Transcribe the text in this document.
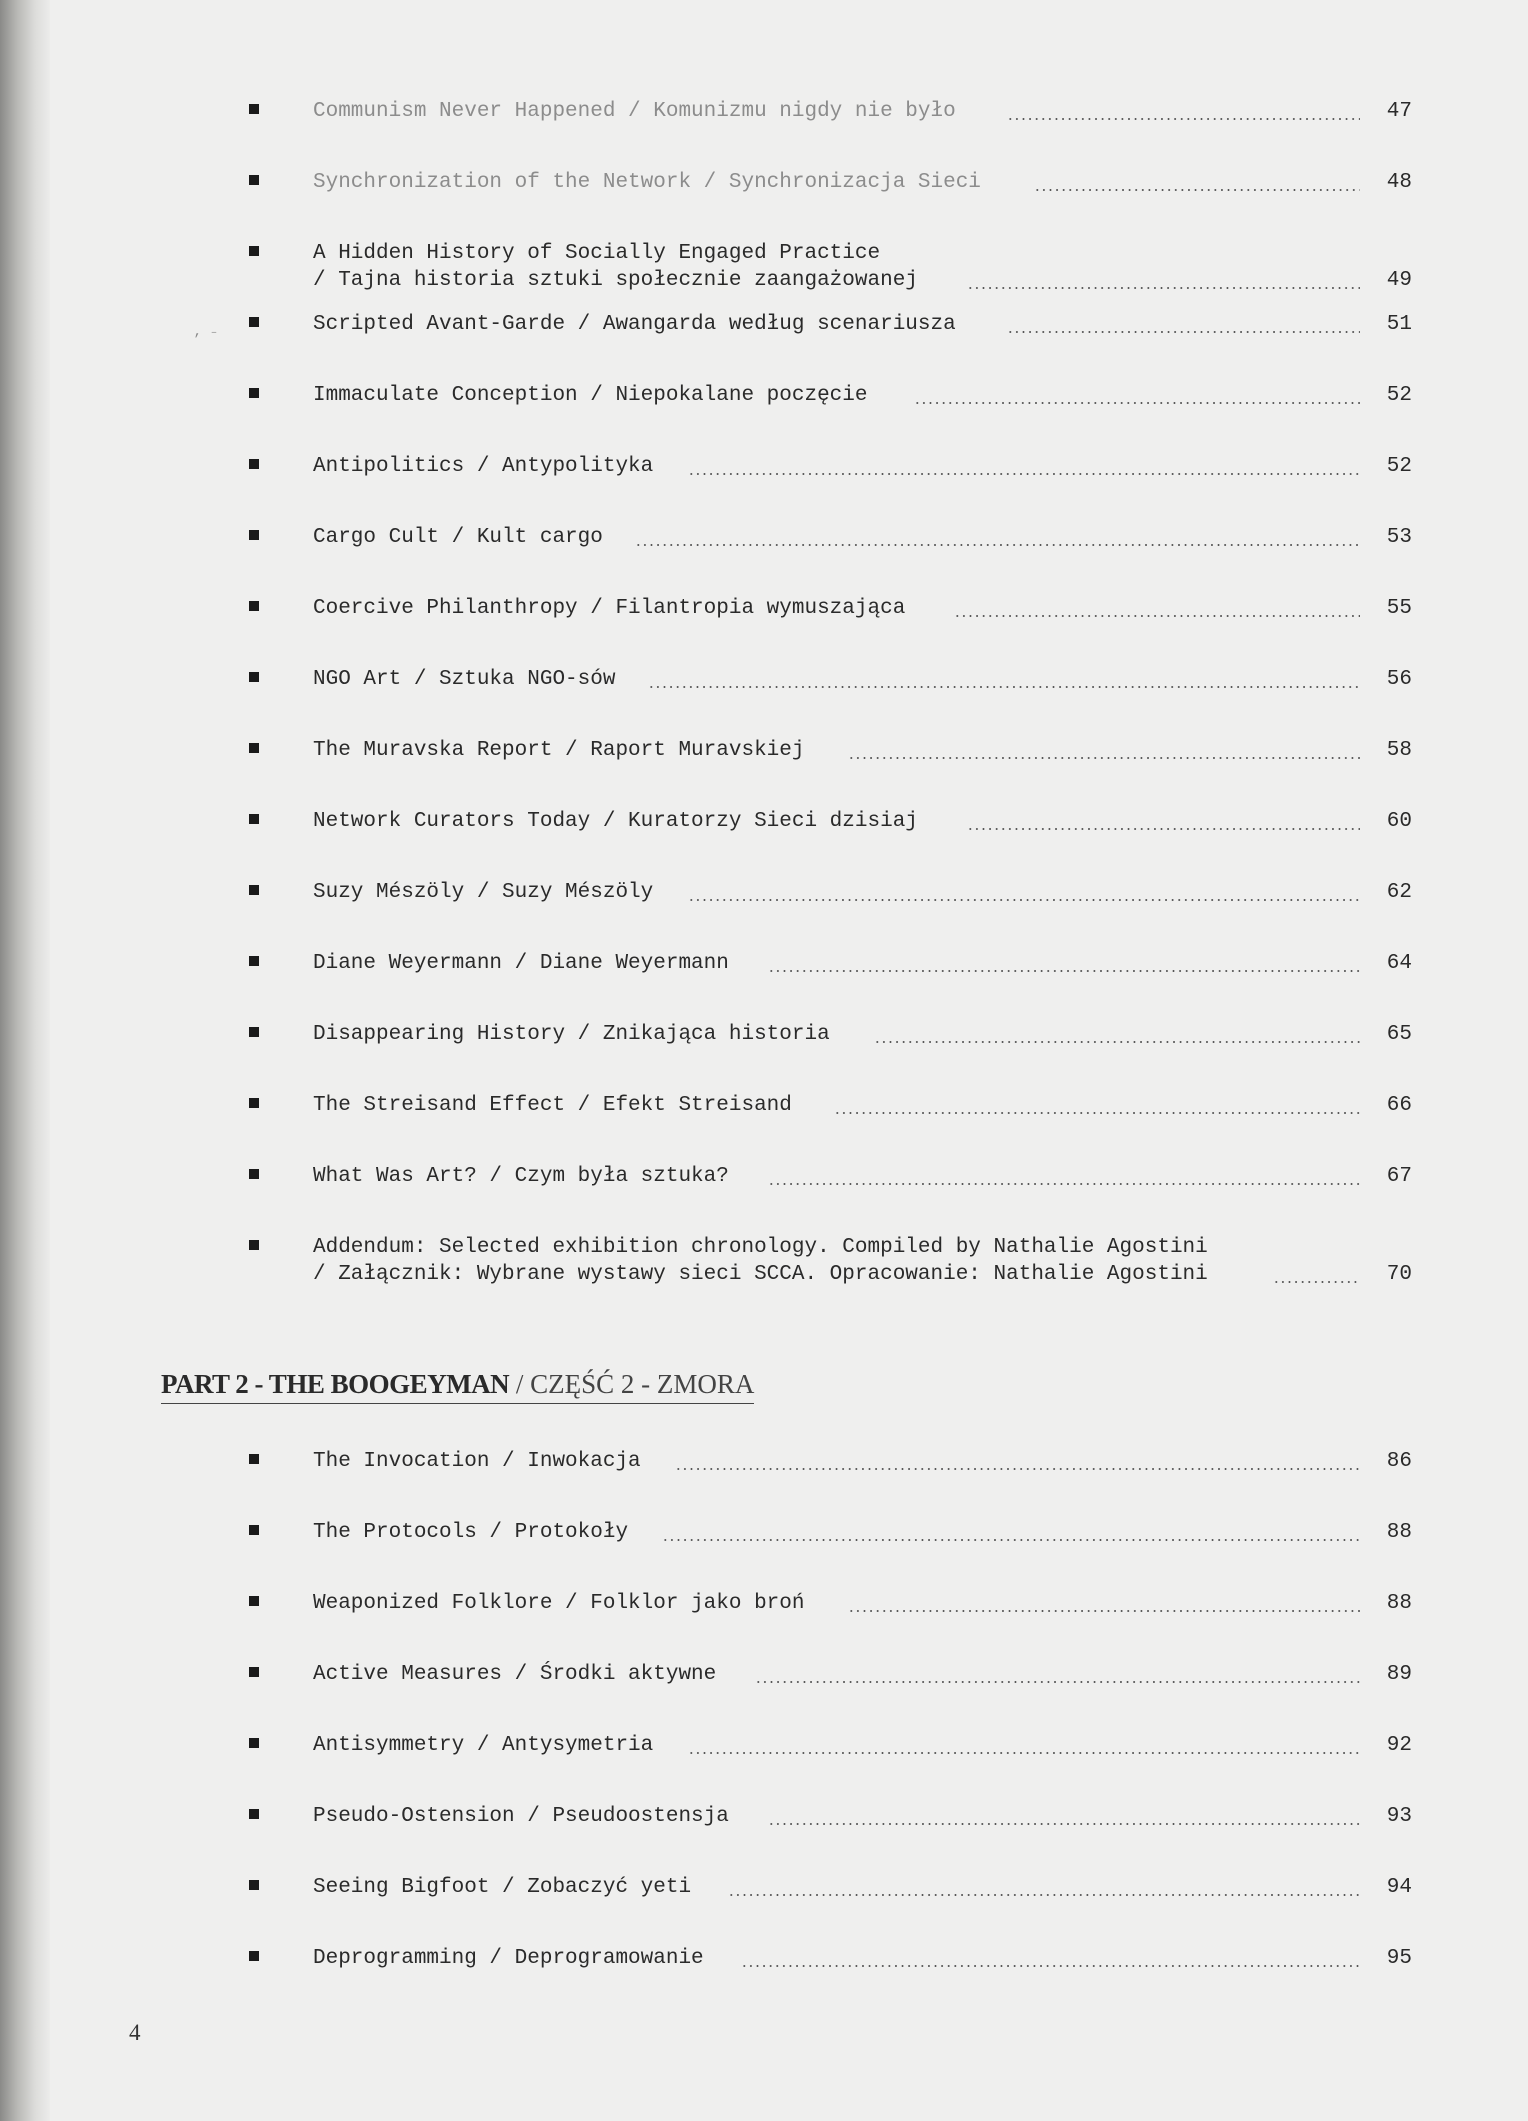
Communism Never Happened / Komunizmu nigdy nie było	47
Synchronization of the Network / Synchronizacja Sieci	48
A Hidden History of Socially Engaged Practice
/ Tajna historia sztuki społecznie zaangażowanej	49
Scripted Avant-Garde / Awangarda według scenariusza	51
Immaculate Conception / Niepokalane poczęcie	52
Antipolitics / Antypolityka	52
Cargo Cult / Kult cargo	53
Coercive Philanthropy / Filantropia wymuszająca	55
NGO Art / Sztuka NGO-sów	56
The Muravska Report / Raport Muravskiej	58
Network Curators Today / Kuratorzy Sieci dzisiaj	60
Suzy Mészöly / Suzy Mészöly	62
Diane Weyermann / Diane Weyermann	64
Disappearing History / Znikająca historia	65
The Streisand Effect / Efekt Streisand	66
What Was Art? / Czym była sztuka?	67
Addendum: Selected exhibition chronology. Compiled by Nathalie Agostini
/ Załącznik: Wybrane wystawy sieci SCCA. Opracowanie: Nathalie Agostini	70
PART 2 - THE BOOGEYMAN / CZĘŚĆ 2 - ZMORA
The Invocation / Inwokacja	86
The Protocols / Protokoły	88
Weaponized Folklore / Folklor jako broń	88
Active Measures / Środki aktywne	89
Antisymmetry / Antysymetria	92
Pseudo-Ostension / Pseudoostensja	93
Seeing Bigfoot / Zobaczyć yeti	94
Deprogramming / Deprogramowanie	95
‚ ₋
4
